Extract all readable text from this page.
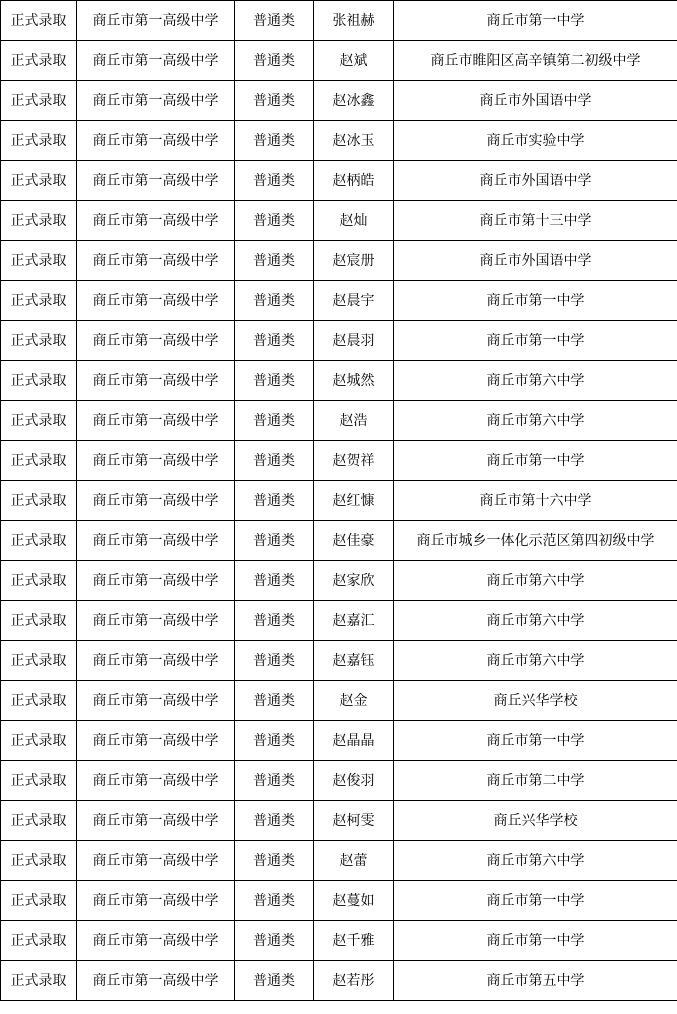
正式录取	商丘市第一高级中学	普通类	张祖赫	商丘市第一中学
正式录取	商丘市第一高级中学	普通类	赵斌	商丘市睢阳区高辛镇第二初级中学
正式录取	商丘市第一高级中学	普通类	赵冰鑫	商丘市外国语中学
正式录取	商丘市第一高级中学	普通类	赵冰玉	商丘市实验中学
正式录取	商丘市第一高级中学	普通类	赵柄皓	商丘市外国语中学
正式录取	商丘市第一高级中学	普通类	赵灿	商丘市第十三中学
正式录取	商丘市第一高级中学	普通类	赵宸册	商丘市外国语中学
正式录取	商丘市第一高级中学	普通类	赵晨宇	商丘市第一中学
正式录取	商丘市第一高级中学	普通类	赵晨羽	商丘市第一中学
正式录取	商丘市第一高级中学	普通类	赵城然	商丘市第六中学
正式录取	商丘市第一高级中学	普通类	赵浩	商丘市第六中学
正式录取	商丘市第一高级中学	普通类	赵贺祥	商丘市第一中学
正式录取	商丘市第一高级中学	普通类	赵红慷	商丘市第十六中学
正式录取	商丘市第一高级中学	普通类	赵佳豪	商丘市城乡一体化示范区第四初级中学
正式录取	商丘市第一高级中学	普通类	赵家欣	商丘市第六中学
正式录取	商丘市第一高级中学	普通类	赵嘉汇	商丘市第六中学
正式录取	商丘市第一高级中学	普通类	赵嘉钰	商丘市第六中学
正式录取	商丘市第一高级中学	普通类	赵金	商丘兴华学校
正式录取	商丘市第一高级中学	普通类	赵晶晶	商丘市第一中学
正式录取	商丘市第一高级中学	普通类	赵俊羽	商丘市第二中学
正式录取	商丘市第一高级中学	普通类	赵柯雯	商丘兴华学校
正式录取	商丘市第一高级中学	普通类	赵蕾	商丘市第六中学
正式录取	商丘市第一高级中学	普通类	赵蔓如	商丘市第一中学
正式录取	商丘市第一高级中学	普通类	赵千雅	商丘市第一中学
正式录取	商丘市第一高级中学	普通类	赵若彤	商丘市第五中学
